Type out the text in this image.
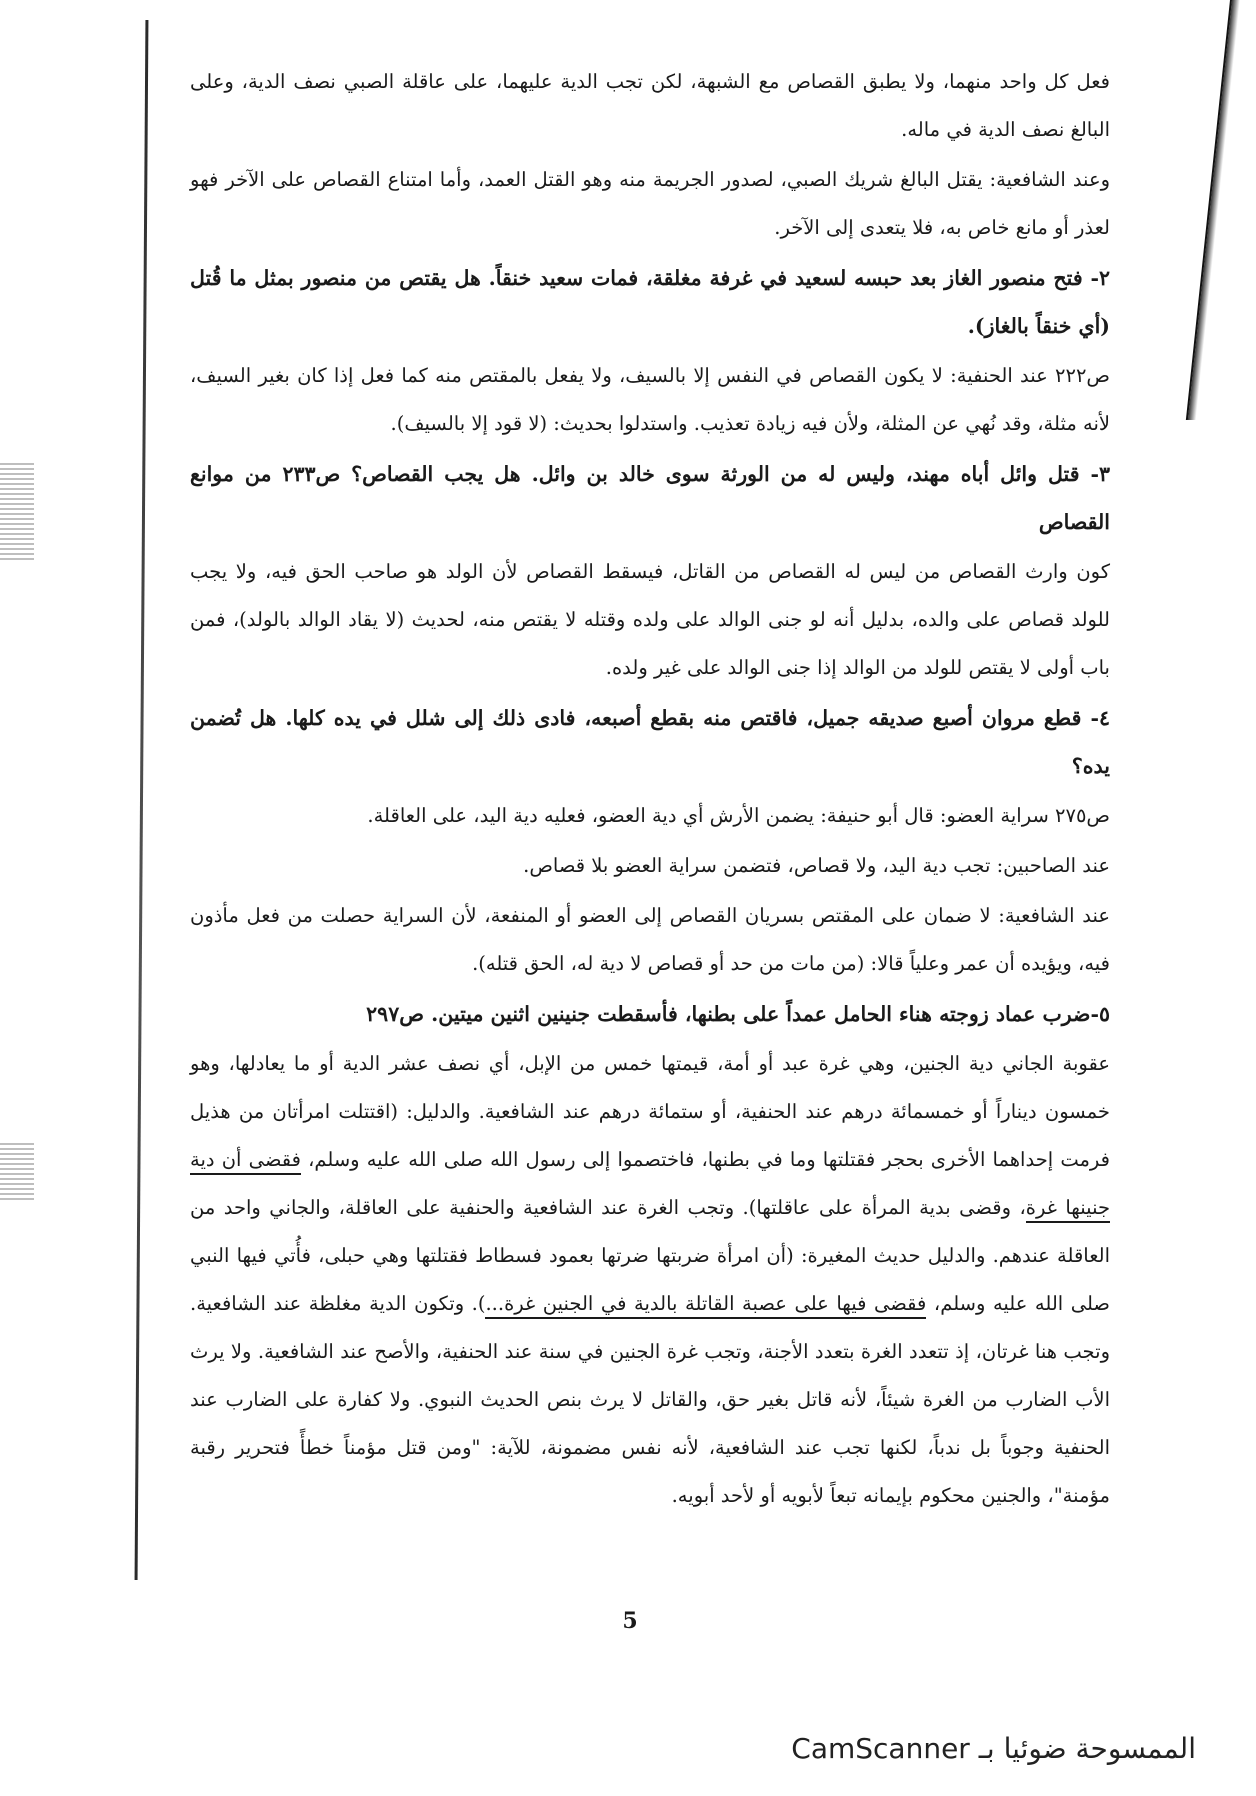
فعل كل واحد منهما، ولا يطبق القصاص مع الشبهة، لكن تجب الدية عليهما، على عاقلة الصبي نصف الدية، وعلى البالغ نصف الدية في ماله.

وعند الشافعية: يقتل البالغ شريك الصبي، لصدور الجريمة منه وهو القتل العمد، وأما امتناع القصاص على الآخر فهو لعذر أو مانع خاص به، فلا يتعدى إلى الآخر.

٢- فتح منصور الغاز بعد حبسه لسعيد في غرفة مغلقة، فمات سعيد خنقاً. هل يقتص من منصور بمثل ما قُتل (أي خنقاً بالغاز).

ص٢٢٢ عند الحنفية: لا يكون القصاص في النفس إلا بالسيف، ولا يفعل بالمقتص منه كما فعل إذا كان بغير السيف، لأنه مثلة، وقد نُهي عن المثلة، ولأن فيه زيادة تعذيب. واستدلوا بحديث: (لا قود إلا بالسيف).

٣- قتل وائل أباه مهند، وليس له من الورثة سوى خالد بن وائل. هل يجب القصاص؟ ص٢٣٣ من موانع القصاص

كون وارث القصاص من ليس له القصاص من القاتل، فيسقط القصاص لأن الولد هو صاحب الحق فيه، ولا يجب للولد قصاص على والده، بدليل أنه لو جنى الوالد على ولده وقتله لا يقتص منه، لحديث (لا يقاد الوالد بالولد)، فمن باب أولى لا يقتص للولد من الوالد إذا جنى الوالد على غير ولده.

٤- قطع مروان أصبع صديقه جميل، فاقتص منه بقطع أصبعه، فادى ذلك إلى شلل في يده كلها. هل تُضمن يده؟

ص٢٧٥ سراية العضو: قال أبو حنيفة: يضمن الأرش أي دية العضو، فعليه دية اليد، على العاقلة.

عند الصاحبين: تجب دية اليد، ولا قصاص، فتضمن سراية العضو بلا قصاص.

عند الشافعية: لا ضمان على المقتص بسريان القصاص إلى العضو أو المنفعة، لأن السراية حصلت من فعل مأذون فيه، ويؤيده أن عمر وعلياً قالا: (من مات من حد أو قصاص لا دية له، الحق قتله).

٥-ضرب عماد زوجته هناء الحامل عمداً على بطنها، فأسقطت جنينين اثنين ميتين. ص٢٩٧

عقوبة الجاني دية الجنين، وهي غرة عبد أو أمة، قيمتها خمس من الإبل، أي نصف عشر الدية أو ما يعادلها، وهو خمسون ديناراً أو خمسمائة درهم عند الحنفية، أو ستمائة درهم عند الشافعية. والدليل: (اقتتلت امرأتان من هذيل فرمت إحداهما الأخرى بحجر فقتلتها وما في بطنها، فاختصموا إلى رسول الله صلى الله عليه وسلم، فقضى أن دية جنينها غرة، وقضى بدية المرأة على عاقلتها). وتجب الغرة عند الشافعية والحنفية على العاقلة، والجاني واحد من العاقلة عندهم. والدليل حديث المغيرة: (أن امرأة ضربتها ضرتها بعمود فسطاط فقتلتها وهي حبلى، فأُتي فيها النبي صلى الله عليه وسلم، فقضى فيها على عصبة القاتلة بالدية في الجنين غرة...). وتكون الدية مغلظة عند الشافعية. وتجب هنا غرتان، إذ تتعدد الغرة بتعدد الأجنة، وتجب غرة الجنين في سنة عند الحنفية، والأصح عند الشافعية. ولا يرث الأب الضارب من الغرة شيئاً، لأنه قاتل بغير حق، والقاتل لا يرث بنص الحديث النبوي. ولا كفارة على الضارب عند الحنفية وجوباً بل ندباً، لكنها تجب عند الشافعية، لأنه نفس مضمونة، للآية: "ومن قتل مؤمناً خطأً فتحرير رقبة مؤمنة"، والجنين محكوم بإيمانه تبعاً لأبويه أو لأحد أبويه.

5
الممسوحة ضوئيا بـ CamScanner
